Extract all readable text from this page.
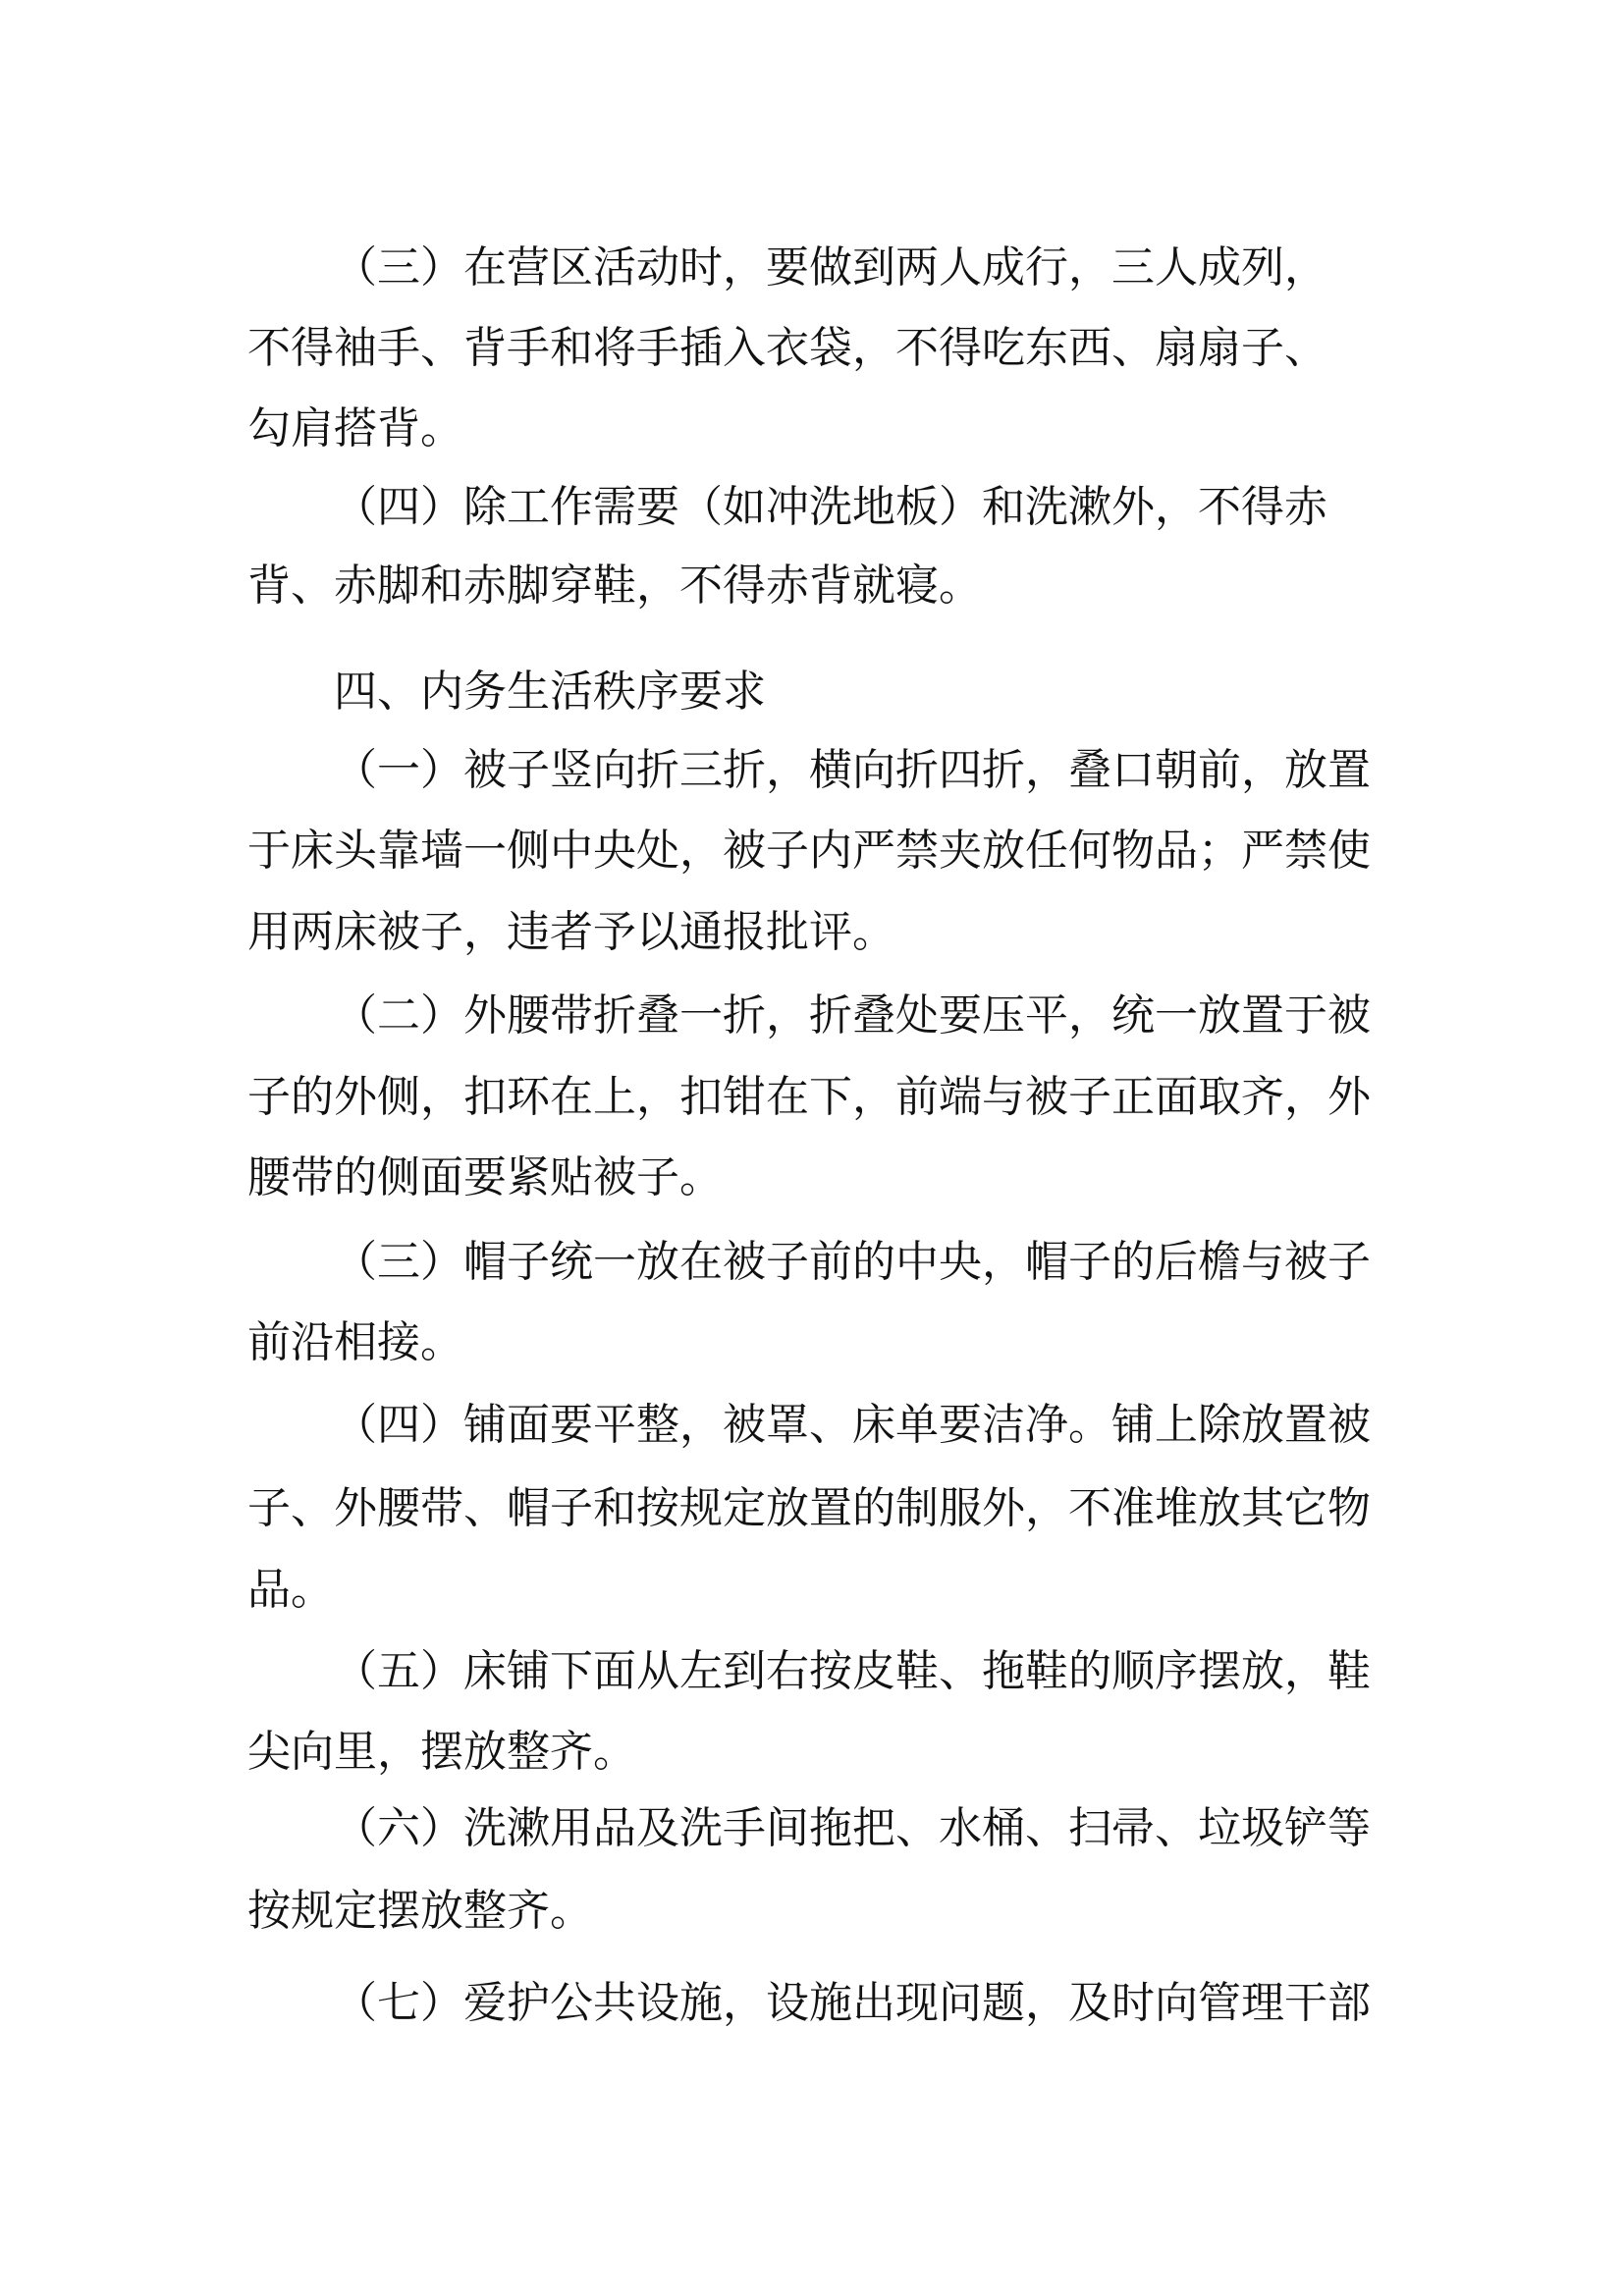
（三）在营区活动时，要做到两人成行，三人成列，
不得袖手、背手和将手插入衣袋，不得吃东西、扇扇子、
勾肩搭背。
（四）除工作需要（如冲洗地板）和洗漱外，不得赤
背、赤脚和赤脚穿鞋，不得赤背就寝。
四、内务生活秩序要求
（一）被子竖向折三折，横向折四折，叠口朝前，放置
于床头靠墙一侧中央处，被子内严禁夹放任何物品；严禁使
用两床被子，违者予以通报批评。
（二）外腰带折叠一折，折叠处要压平，统一放置于被
子的外侧，扣环在上，扣钳在下，前端与被子正面取齐，外
腰带的侧面要紧贴被子。
（三）帽子统一放在被子前的中央，帽子的后檐与被子
前沿相接。
（四）铺面要平整，被罩、床单要洁净。铺上除放置被
子、外腰带、帽子和按规定放置的制服外，不准堆放其它物
品。
（五）床铺下面从左到右按皮鞋、拖鞋的顺序摆放，鞋
尖向里，摆放整齐。
（六）洗漱用品及洗手间拖把、水桶、扫帚、垃圾铲等
按规定摆放整齐。
（七）爱护公共设施，设施出现问题，及时向管理干部
